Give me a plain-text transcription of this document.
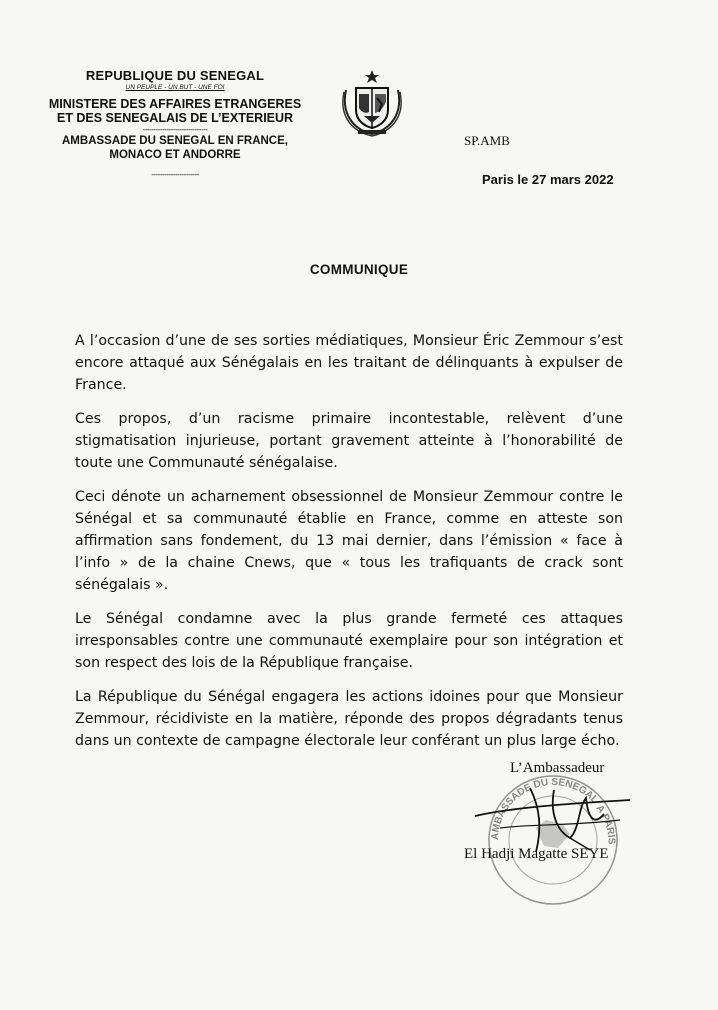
REPUBLIQUE DU SENEGAL
UN PEUPLE - UN BUT - UNE FOI
MINISTERE DES AFFAIRES ETRANGERES
ET DES SENEGALAIS DE L’EXTERIEUR
------------------------------
AMBASSADE DU SENEGAL EN FRANCE,
MONACO ET ANDORRE
----------------------
SP.AMB
Paris le 27 mars 2022
COMMUNIQUE

A l’occasion d’une de ses sorties médiatiques, Monsieur Éric Zemmour s’est encore attaqué aux Sénégalais en les traitant de délinquants à expulser de France.

Ces propos, d’un racisme primaire incontestable, relèvent d’une stigmatisation injurieuse, portant gravement atteinte à l’honorabilité de toute une Communauté sénégalaise.

Ceci dénote un acharnement obsessionnel de Monsieur Zemmour contre le Sénégal et sa communauté établie en France, comme en atteste son affirmation sans fondement, du 13 mai dernier, dans l’émission « face à l’info » de la chaine Cnews, que « tous les trafiquants de crack sont sénégalais ».

Le Sénégal condamne avec la plus grande fermeté ces attaques irresponsables contre une communauté exemplaire pour son intégration et son respect des lois de la République française.

La République du Sénégal engagera les actions idoines pour que Monsieur Zemmour, récidiviste en la matière, réponde des propos dégradants tenus dans un contexte de campagne électorale leur conférant un plus large écho.

AMBASSADE DU SENEGAL
A PARIS
L’Ambassadeur
El Hadji Magatte SEYE
